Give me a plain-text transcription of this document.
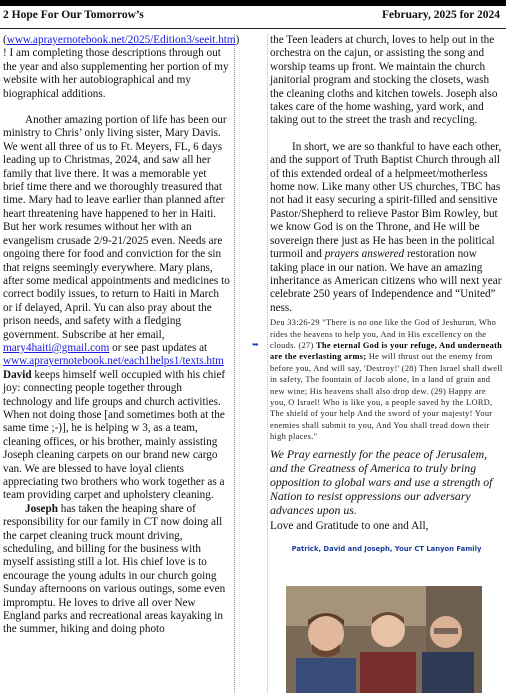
2 Hope For Our Tomorrow’s	February, 2025 for 2024

(www.aprayernotebook.net/2025/Edition3/seeit.htm) ! I am completing those descriptions through out the year and also supplementing her portion of my website with her autobiographical and my biographical additions.

Another amazing portion of life has been our ministry to Chris’ only living sister, Mary Davis. We went all three of us to Ft. Meyers, FL, 6 days leading up to Christmas, 2024, and saw all her family that live there. It was a memorable yet brief time there and we thoroughly treasured that time. Mary had to leave earlier than planned after heart threatening have happened to her in Haiti. But her work resumes without her with an evangelism crusade 2/9-21/2025 even. Needs are ongoing there for food and conviction for the sin that reigns seemingly everywhere. Mary plans, after some medical appointments and medicines to correct bodily issues, to return to Haiti in March or if delayed, April. Yu can also pray about the prison needs, and safety with a fledging government. Subscribe at her email, mary4haiti@gmail.com or see past updates at www.aprayernotebook.net/each1helps1/texts.htm

David keeps himself well occupied with his chief joy: connecting people together through technology and life groups and church activities. When not doing those [and sometimes both at the same time ;-)], he is helping w 3, as a team, cleaning offices, or his brother, mainly assisting Joseph cleaning carpets on our brand new cargo van. We are blessed to have loyal clients appreciating two brothers who work together as a team providing carpet and upholstery cleaning.

Joseph has taken the heaping share of responsibility for our family in CT now doing all the carpet cleaning truck mount driving, scheduling, and billing for the business with myself assisting still a lot. His chief love is to encourage the young adults in our church going Sunday afternoons on various outings, some even impromptu. He loves to drive all over New England parks and recreational areas kayaking in the summer, hiking and doing photo

the Teen leaders at church, loves to help out in the orchestra on the cajun, or assisting the song and worship teams up front. We maintain the church janitorial program and stocking the closets, wash the cleaning cloths and kitchen towels. Joseph also takes care of the home washing, yard work, and taking out to the street the trash and recycling.

In short, we are so thankful to have each other, and the support of Truth Baptist Church through all of this extended ordeal of a helpmeet/motherless home now. Like many other US churches, TBC has not had it easy securing a spirit-filled and sensitive Pastor/Shepherd to relieve Pastor Bim Rowley, but we know God is on the Throne, and He will be sovereign there just as He has been in the political turmoil and prayers answered restoration now taking place in our nation. We have an amazing inheritance as American citizens who will next year celebrate 250 years of Independence and “United” ness.

Deu 33:26-29 "There is no one like the God of Jeshurun, Who rides the heavens to help you, And in His excellency on the clouds. (27) The eternal God is your refuge, And underneath are the everlasting arms; He will thrust out the enemy from before you, And will say, 'Destroy!' (28) Then Israel shall dwell in safety, The fountain of Jacob alone, In a land of grain and new wine; His heavens shall also drop dew. (29) Happy are you, O Israel! Who is like you, a people saved by the LORD, The shield of your help And the sword of your majesty! Your enemies shall submit to you, And You shall tread down their high places."

We Pray earnestly for the peace of Jerusalem, and the Greatness of America to truly bring opposition to global wars and use a strength of Nation to resist oppressions our adversary advances upon us.

Love and Gratitude to one and All,

Patrick, David and Joseph, Your CT Lanyon Family

➥
